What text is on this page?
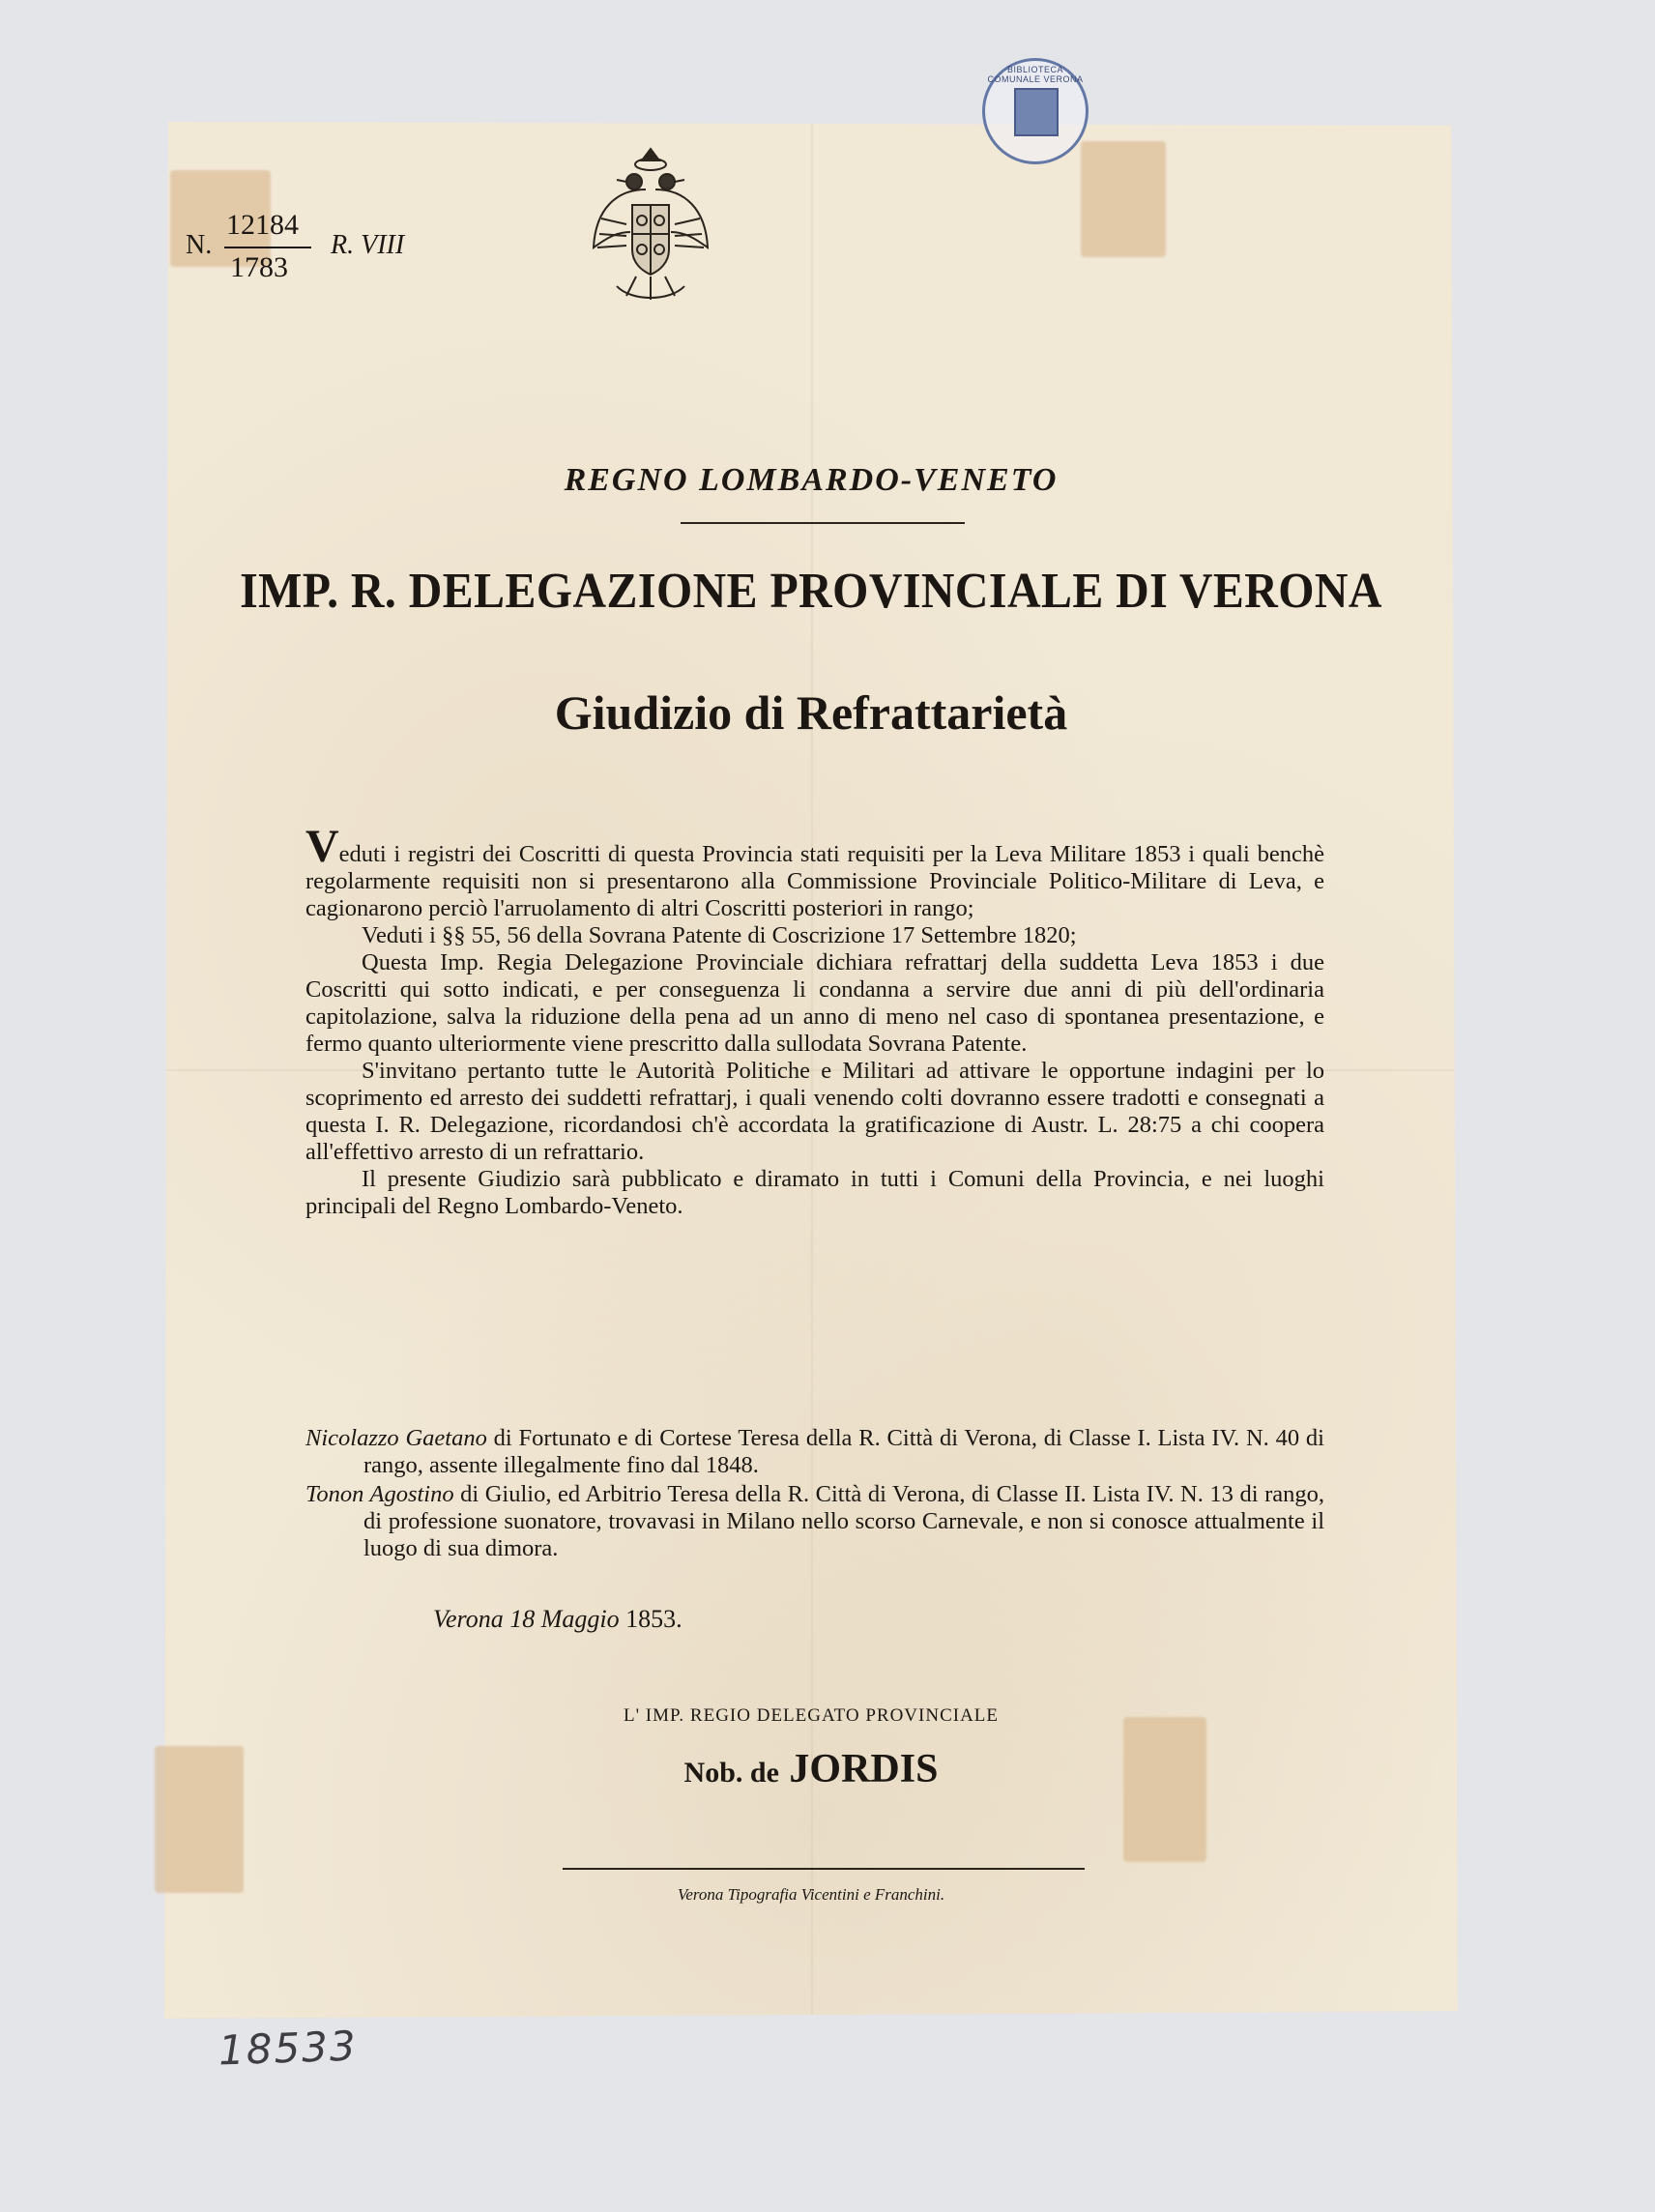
BIBLIOTECA COMUNALE VERONA
N.
12184
1783
R. VIII
REGNO LOMBARDO-VENETO
IMP. R. DELEGAZIONE PROVINCIALE DI VERONA
Giudizio di Refrattarietà

Veduti i registri dei Coscritti di questa Provincia stati requisiti per la Leva Militare 1853 i quali benchè regolarmente requisiti non si presentarono alla Commissione Provinciale Politico-Militare di Leva, e cagionarono perciò l'arruolamento di altri Coscritti posteriori in rango;

Veduti i §§ 55, 56 della Sovrana Patente di Coscrizione 17 Settembre 1820;

Questa Imp. Regia Delegazione Provinciale dichiara refrattarj della suddetta Leva 1853 i due Coscritti qui sotto indicati, e per conseguenza li condanna a servire due anni di più dell'ordinaria capitolazione, salva la riduzione della pena ad un anno di meno nel caso di spontanea presentazione, e fermo quanto ulteriormente viene prescritto dalla sullodata Sovrana Patente.

S'invitano pertanto tutte le Autorità Politiche e Militari ad attivare le opportune indagini per lo scoprimento ed arresto dei suddetti refrattarj, i quali venendo colti dovranno essere tradotti e consegnati a questa I. R. Delegazione, ricordandosi ch'è accordata la gratificazione di Austr. L. 28:75 a chi coopera all'effettivo arresto di un refrattario.

Il presente Giudizio sarà pubblicato e diramato in tutti i Comuni della Provincia, e nei luoghi principali del Regno Lombardo-Veneto.

Nicolazzo Gaetano di Fortunato e di Cortese Teresa della R. Città di Verona, di Classe I. Lista IV. N. 40 di rango, assente illegalmente fino dal 1848.

Tonon Agostino di Giulio, ed Arbitrio Teresa della R. Città di Verona, di Classe II. Lista IV. N. 13 di rango, di professione suonatore, trovavasi in Milano nello scorso Carnevale, e non si conosce attualmente il luogo di sua dimora.

Verona 18 Maggio 1853.
L' IMP. REGIO DELEGATO PROVINCIALE
Nob. de JORDIS
Verona Tipografia Vicentini e Franchini.
18533
